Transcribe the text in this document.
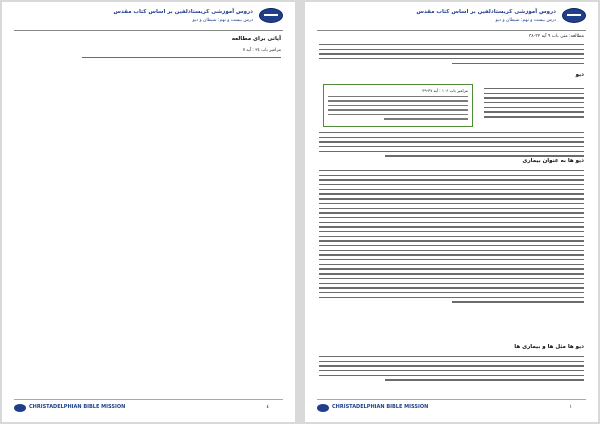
دروس آموزشی کریستادلفین بر اساس کتاب مقدس
درس بیست و نهم: شیطان و دیو
آیاتی برای مطالعه
مزامیر باب ۳٤ : آیه ۷
CHRISTADELPHIAN BIBLE MISSION	٤
دروس آموزشی کریستادلفین بر اساس کتاب مقدس
درس بیست و نهم: شیطان و دیو
مطالعه: متی باب ۹ آیه ۳۲-۳۸
دیو
مزامیر باب ۱۰۶ : آیه ۳۷-۳۹
دیو ها به عنوان بیماری
دیو ها مثل ها و بیماری ها
CHRISTADELPHIAN BIBLE MISSION	١
